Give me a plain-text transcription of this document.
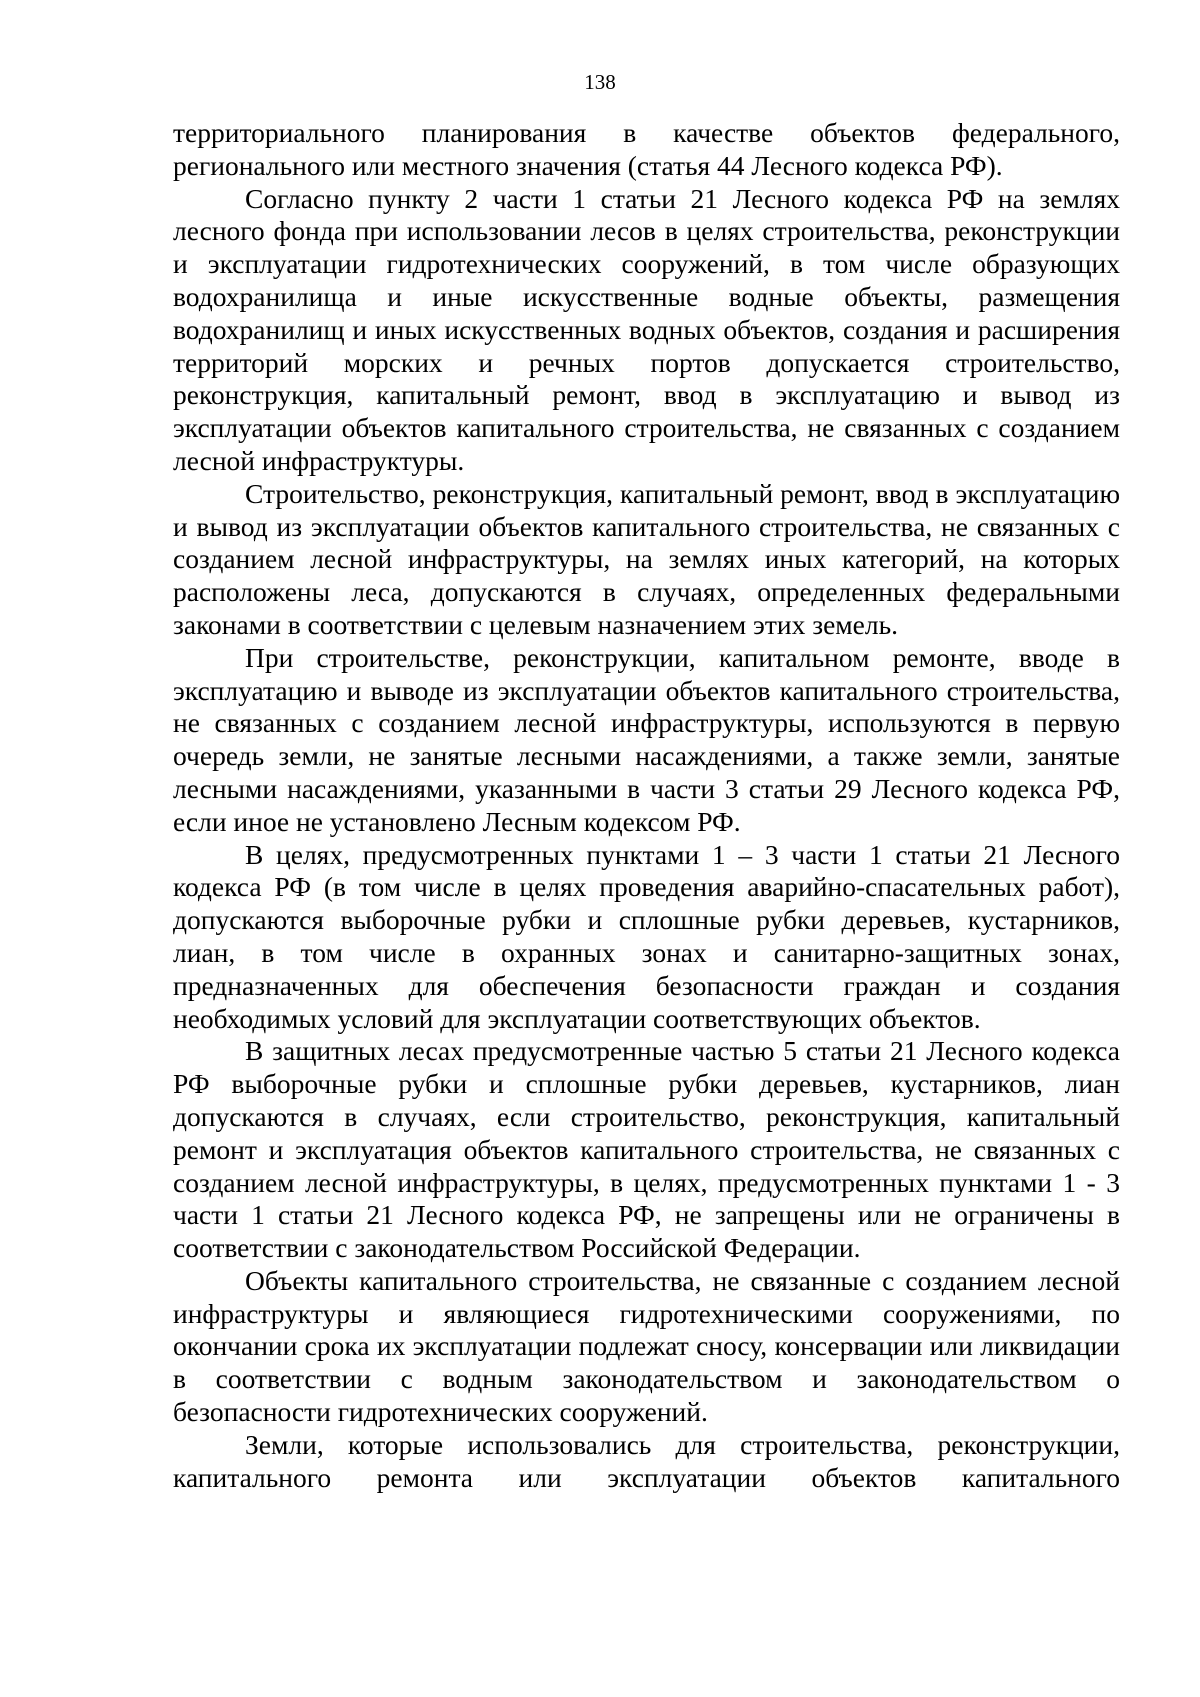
138

территориального планирования в качестве объектов федерального, регионального или местного значения (статья 44 Лесного кодекса РФ).

Согласно пункту 2 части 1 статьи 21 Лесного кодекса РФ на землях лесного фонда при использовании лесов в целях строительства, реконструкции и эксплуатации гидротехнических сооружений, в том числе образующих водохранилища и иные искусственные водные объекты, размещения водохранилищ и иных искусственных водных объектов, создания и расширения территорий морских и речных портов допускается строительство, реконструкция, капитальный ремонт, ввод в эксплуатацию и вывод из эксплуатации объектов капитального строительства, не связанных с созданием лесной инфраструктуры.

Строительство, реконструкция, капитальный ремонт, ввод в эксплуатацию и вывод из эксплуатации объектов капитального строительства, не связанных с созданием лесной инфраструктуры, на землях иных категорий, на которых расположены леса, допускаются в случаях, определенных федеральными законами в соответствии с целевым назначением этих земель.

При строительстве, реконструкции, капитальном ремонте, вводе в эксплуатацию и выводе из эксплуатации объектов капитального строительства, не связанных с созданием лесной инфраструктуры, используются в первую очередь земли, не занятые лесными насаждениями, а также земли, занятые лесными насаждениями, указанными в части 3 статьи 29 Лесного кодекса РФ, если иное не установлено Лесным кодексом РФ.

В целях, предусмотренных пунктами 1 – 3 части 1 статьи 21 Лесного кодекса РФ (в том числе в целях проведения аварийно-спасательных работ), допускаются выборочные рубки и сплошные рубки деревьев, кустарников, лиан, в том числе в охранных зонах и санитарно-защитных зонах, предназначенных для обеспечения безопасности граждан и создания необходимых условий для эксплуатации соответствующих объектов.

В защитных лесах предусмотренные частью 5 статьи 21 Лесного кодекса РФ выборочные рубки и сплошные рубки деревьев, кустарников, лиан допускаются в случаях, если строительство, реконструкция, капитальный ремонт и эксплуатация объектов капитального строительства, не связанных с созданием лесной инфраструктуры, в целях, предусмотренных пунктами 1 - 3 части 1 статьи 21 Лесного кодекса РФ, не запрещены или не ограничены в соответствии с законодательством Российской Федерации.

Объекты капитального строительства, не связанные с созданием лесной инфраструктуры и являющиеся гидротехническими сооружениями, по окончании срока их эксплуатации подлежат сносу, консервации или ликвидации в соответствии с водным законодательством и законодательством о безопасности гидротехнических сооружений.

Земли, которые использовались для строительства, реконструкции, капитального ремонта или эксплуатации объектов капитального
